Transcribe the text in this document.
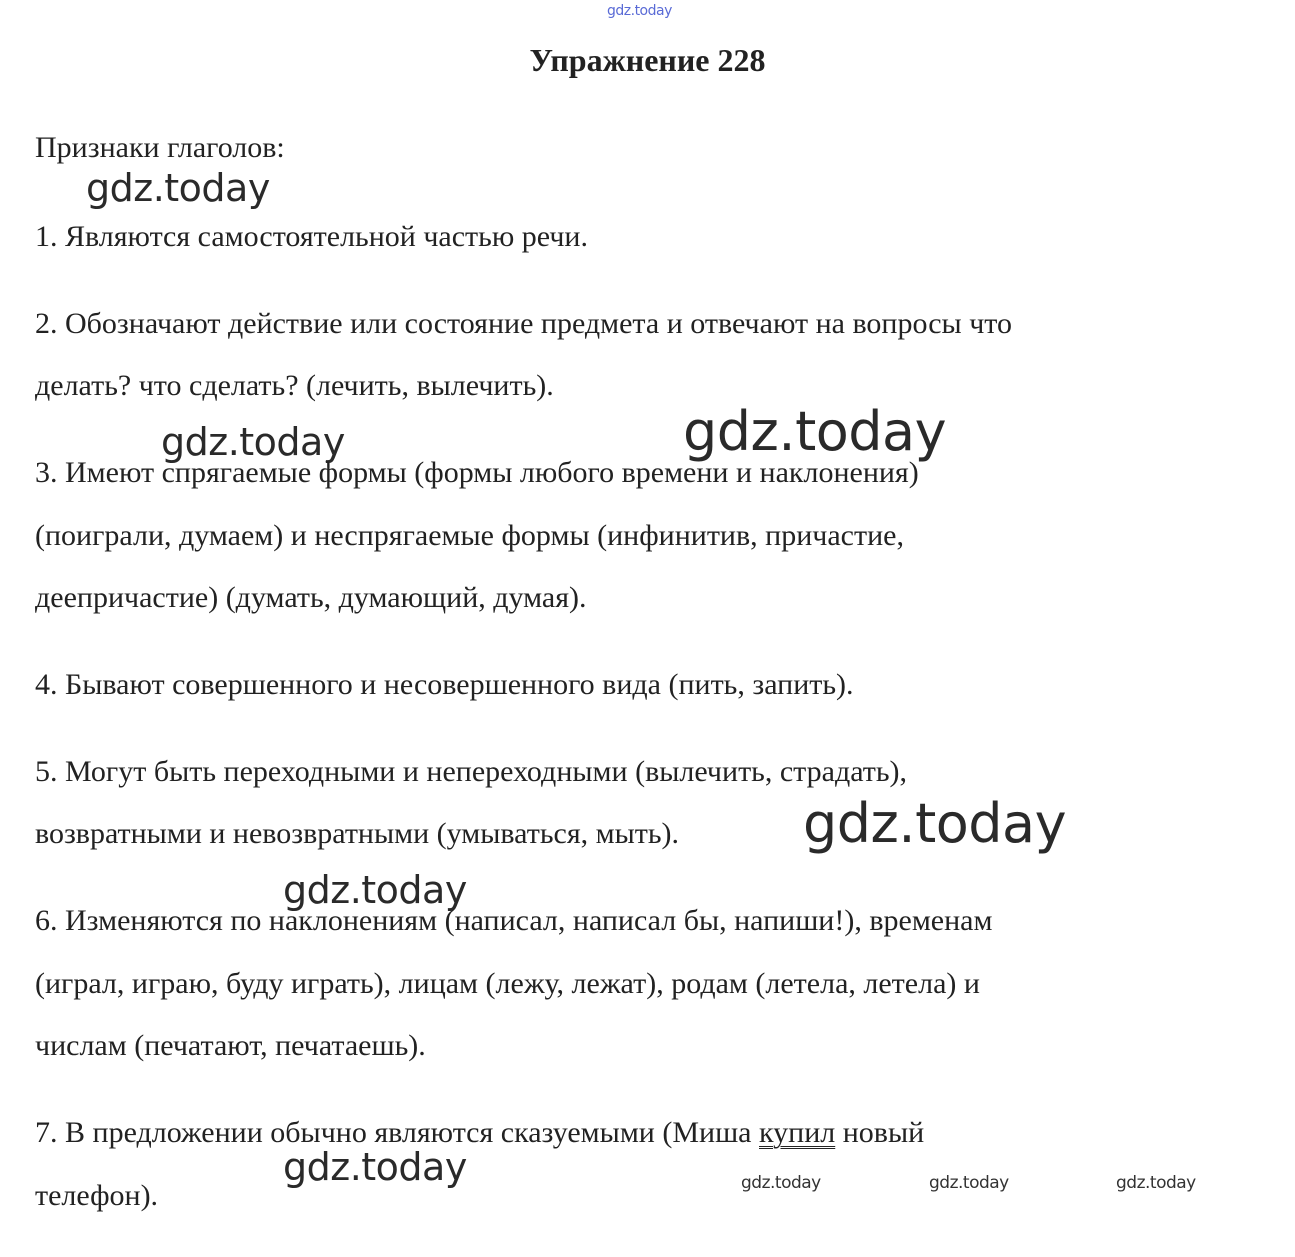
gdz.today
gdz.today
gdz.today	gdz.today
gdz.today
gdz.today
gdz.today	gdz.today	gdz.today	gdz.today
Упражнение 228
Признаки глаголов:
1. Являются самостоятельной частью речи.
2. Обозначают действие или состояние предмета и отвечают на вопросы что
делать? что сделать? (лечить, вылечить).
3. Имеют спрягаемые формы (формы любого времени и наклонения)
(поиграли, думаем) и неспрягаемые формы (инфинитив, причастие,
деепричастие) (думать, думающий, думая).
4. Бывают совершенного и несовершенного вида (пить, запить).
5. Могут быть переходными и непереходными (вылечить, страдать),
возвратными и невозвратными (умываться, мыть).
6. Изменяются по наклонениям (написал, написал бы, напиши!), временам
(играл, играю, буду играть), лицам (лежу, лежат), родам (летела, летела) и
числам (печатают, печатаешь).
7. В предложении обычно являются сказуемыми (Миша купил новый
телефон).
